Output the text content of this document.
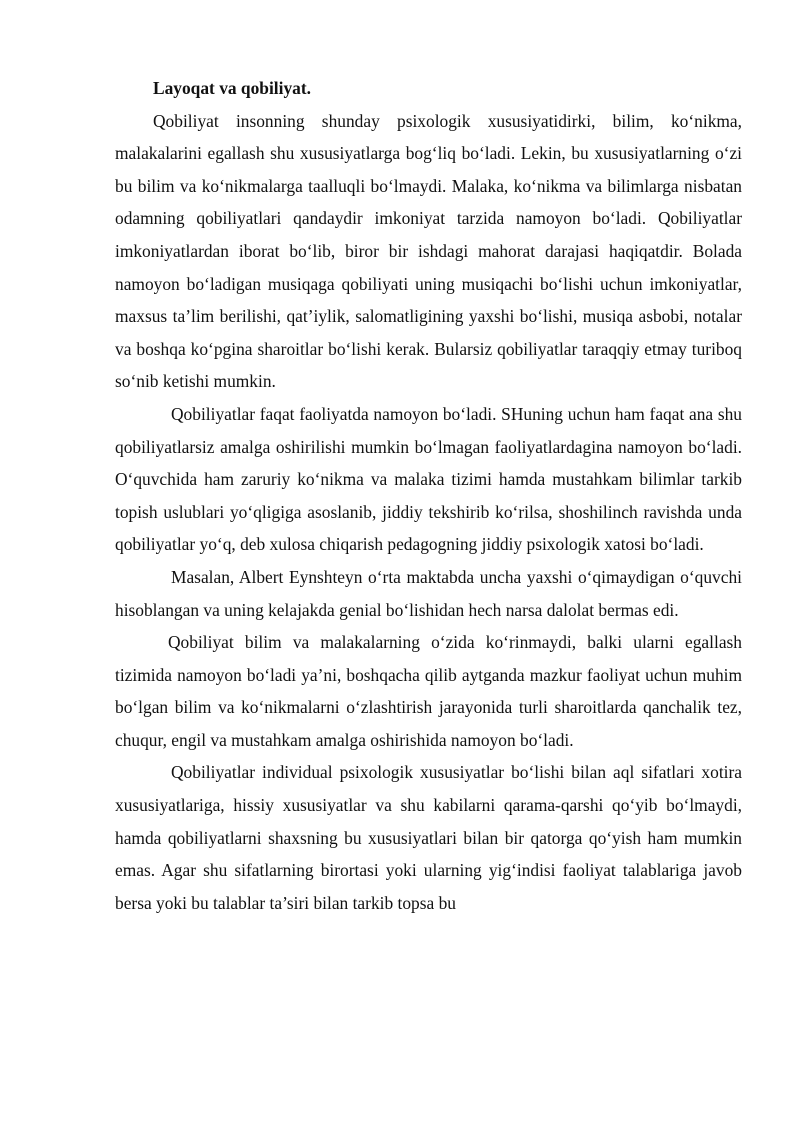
Layoqat va qobiliyat.

Qobiliyat insonning shunday psixologik xususiyatidirki, bilim, ko‘nikma, malakalarini egallash shu xususiyatlarga bog‘liq bo‘ladi. Lekin, bu xususiyatlarning o‘zi bu bilim va ko‘nikmalarga taalluqli bo‘lmaydi. Malaka, ko‘nikma va bilimlarga nisbatan odamning qobiliyatlari qandaydir imkoniyat tarzida namoyon bo‘ladi. Qobiliyatlar imkoniyatlardan iborat bo‘lib, biror bir ishdagi mahorat darajasi haqiqatdir. Bolada namoyon bo‘ladigan musiqaga qobiliyati uning musiqachi bo‘lishi uchun imkoniyatlar, maxsus ta’lim berilishi, qat’iylik, salomatligining yaxshi bo‘lishi, musiqa asbobi, notalar va boshqa ko‘pgina sharoitlar bo‘lishi kerak. Bularsiz qobiliyatlar taraqqiy etmay turiboq so‘nib ketishi mumkin.

Qobiliyatlar faqat faoliyatda namoyon bo‘ladi. SHuning uchun ham faqat ana shu qobiliyatlarsiz amalga oshirilishi mumkin bo‘lmagan faoliyatlardagina namoyon bo‘ladi. O‘quvchida ham zaruriy ko‘nikma va malaka tizimi hamda mustahkam bilimlar tarkib topish uslublari yo‘qligiga asoslanib, jiddiy tekshirib ko‘rilsa, shoshilinch ravishda unda qobiliyatlar yo‘q, deb xulosa chiqarish pedagogning jiddiy psixologik xatosi bo‘ladi.

Masalan, Albert Eynshteyn o‘rta maktabda uncha yaxshi o‘qimaydigan o‘quvchi hisoblangan va uning kelajakda genial bo‘lishidan hech narsa dalolat bermas edi.

Qobiliyat bilim va malakalarning o‘zida ko‘rinmaydi, balki ularni egallash tizimida namoyon bo‘ladi ya’ni, boshqacha qilib aytganda mazkur faoliyat uchun muhim bo‘lgan bilim va ko‘nikmalarni o‘zlashtirish jarayonida turli sharoitlarda qanchalik tez, chuqur, engil va mustahkam amalga oshirishida namoyon bo‘ladi.

Qobiliyatlar individual psixologik xususiyatlar bo‘lishi bilan aql sifatlari xotira xususiyatlariga, hissiy xususiyatlar va shu kabilarni qarama-qarshi qo‘yib bo‘lmaydi, hamda qobiliyatlarni shaxsning bu xususiyatlari bilan bir qatorga qo‘yish ham mumkin emas. Agar shu sifatlarning birortasi yoki ularning yig‘indisi faoliyat talablariga javob bersa yoki bu talablar ta’siri bilan tarkib topsa bu
